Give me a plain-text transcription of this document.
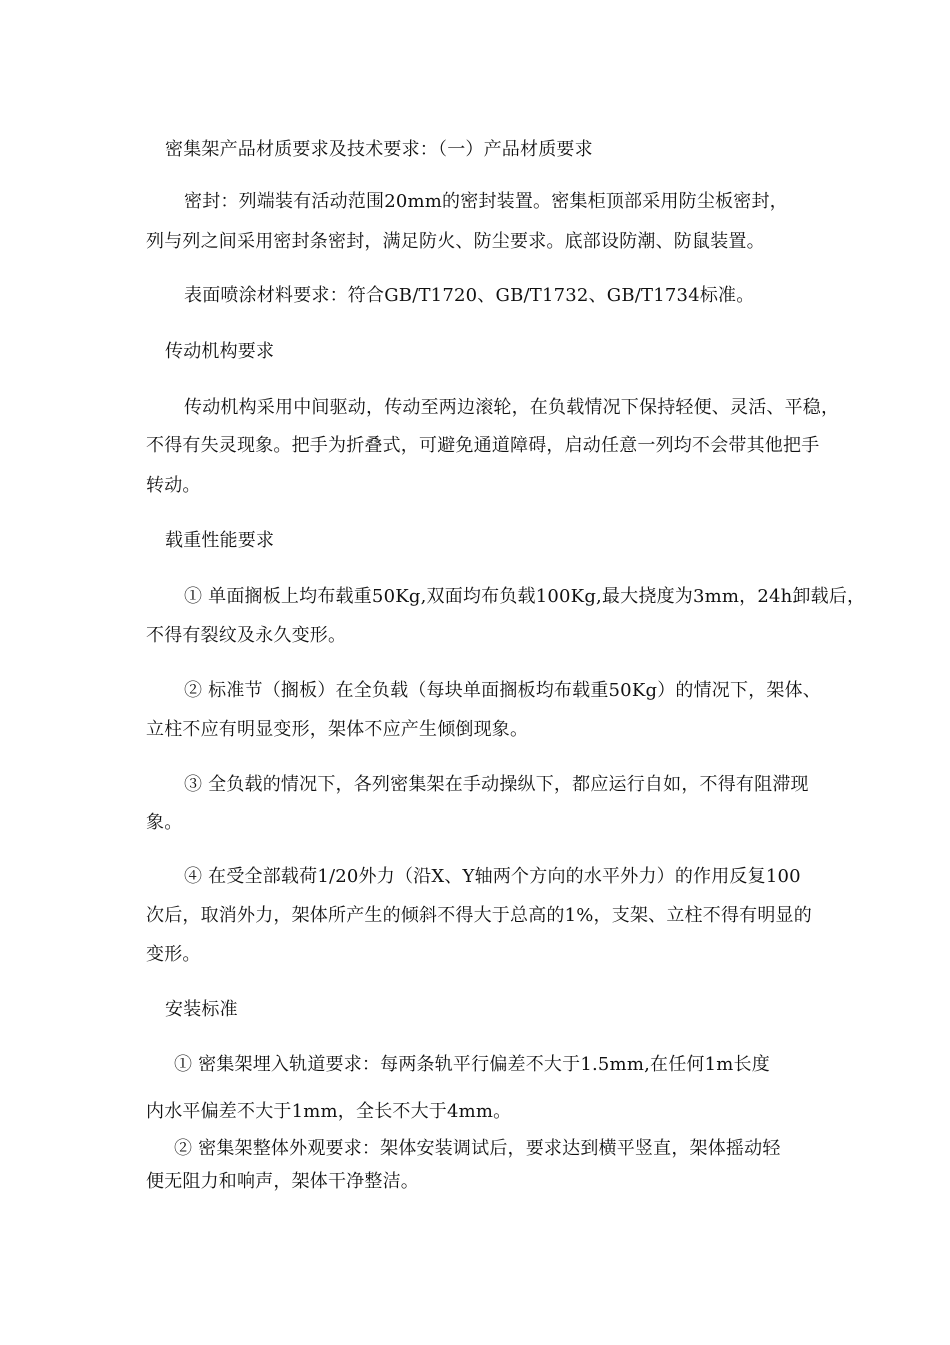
密集架产品材质要求及技术要求：（一）产品材质要求
密封：列端装有活动范围20mm的密封装置。密集柜顶部采用防尘板密封，
列与列之间采用密封条密封，满足防火、防尘要求。底部设防潮、防鼠装置。
表面喷涂材料要求：符合GB/T1720、GB/T1732、GB/T1734标准。
传动机构要求
传动机构采用中间驱动，传动至两边滚轮，在负载情况下保持轻便、灵活、平稳，
不得有失灵现象。把手为折叠式，可避免通道障碍，启动任意一列均不会带其他把手
转动。
载重性能要求
① 单面搁板上均布载重50Kg,双面均布负载100Kg,最大挠度为3mm，24h卸载后，
不得有裂纹及永久变形。
② 标准节（搁板）在全负载（每块单面搁板均布载重50Kg）的情况下，架体、
立柱不应有明显变形，架体不应产生倾倒现象。
③ 全负载的情况下，各列密集架在手动操纵下，都应运行自如，不得有阻滞现
象。
④ 在受全部载荷1/20外力（沿X、Y轴两个方向的水平外力）的作用反复100
次后，取消外力，架体所产生的倾斜不得大于总高的1%，支架、立柱不得有明显的
变形。
安装标准
① 密集架埋入轨道要求：每两条轨平行偏差不大于1.5mm,在任何1m长度
内水平偏差不大于1mm，全长不大于4mm。
② 密集架整体外观要求：架体安装调试后，要求达到横平竖直，架体摇动轻
便无阻力和响声，架体干净整洁。
